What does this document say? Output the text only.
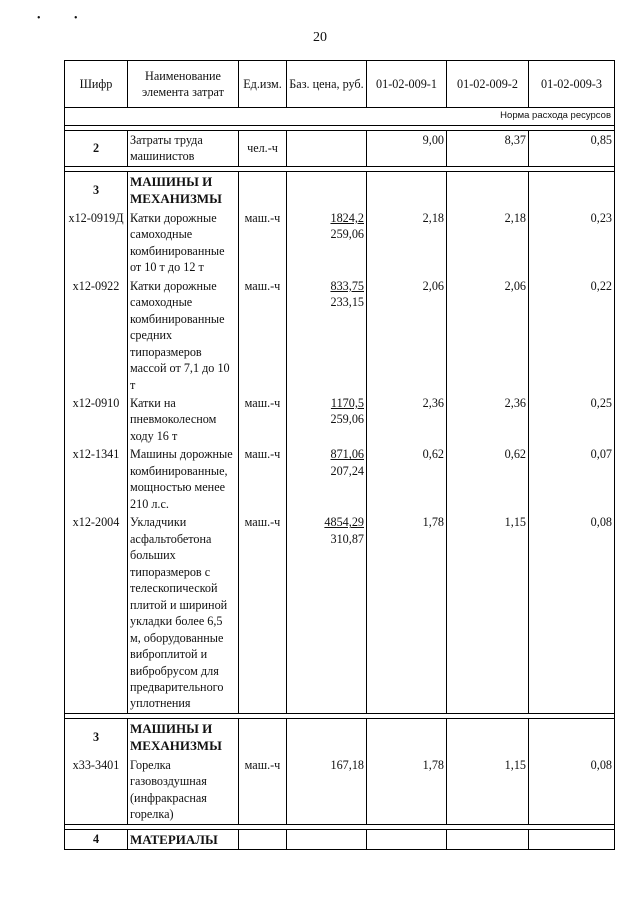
•	•
20
Шифр	Наименование элемента затрат	Ед.изм.	Баз. цена, руб.	01-02-009-1	01-02-009-2	01-02-009-3
Норма расхода ресурсов						

2	Затраты труда машинистов	чел.-ч		9,00	8,37	0,85

3	МАШИНЫ И МЕХАНИЗМЫ					
х12-0919Д	Катки дорожные самоходные комбинированные от 10 т до 12 т	маш.-ч	1824,2
259,06	2,18	2,18	0,23
х12-0922	Катки дорожные самоходные комбинированные средних типоразмеров массой от 7,1 до 10 т	маш.-ч	833,75
233,15	2,06	2,06	0,22
х12-0910	Катки на пневмоколесном ходу 16 т	маш.-ч	1170,5
259,06	2,36	2,36	0,25
х12-1341	Машины дорожные комбинированные, мощностью менее 210 л.с.	маш.-ч	871,06
207,24	0,62	0,62	0,07
х12-2004	Укладчики асфальтобетона больших типоразмеров с телескопической плитой и шириной укладки более 6,5 м, оборудованные виброплитой и вибробрусом для предварительного уплотнения	маш.-ч	4854,29
310,87	1,78	1,15	0,08

3	МАШИНЫ И МЕХАНИЗМЫ					
х33-3401	Горелка газовоздушная (инфракрасная горелка)	маш.-ч	167,18	1,78	1,15	0,08

4	МАТЕРИАЛЫ					
